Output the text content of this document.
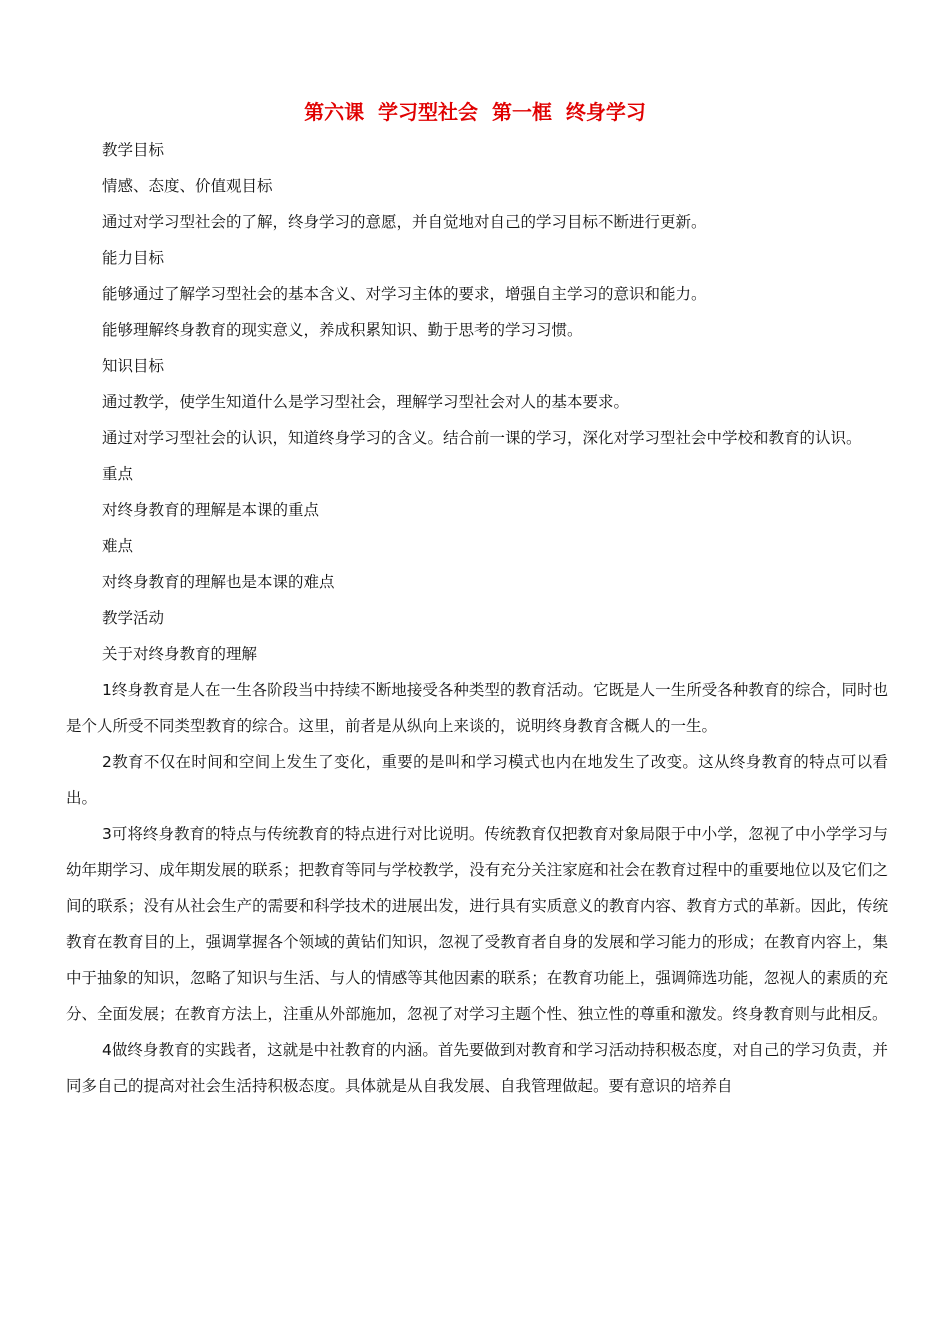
第六课  学习型社会  第一框  终身学习

教学目标

情感、态度、价值观目标

通过对学习型社会的了解，终身学习的意愿，并自觉地对自己的学习目标不断进行更新。

能力目标

能够通过了解学习型社会的基本含义、对学习主体的要求，增强自主学习的意识和能力。

能够理解终身教育的现实意义，养成积累知识、勤于思考的学习习惯。

知识目标

通过教学，使学生知道什么是学习型社会，理解学习型社会对人的基本要求。

通过对学习型社会的认识，知道终身学习的含义。结合前一课的学习，深化对学习型社会中学校和教育的认识。

重点

对终身教育的理解是本课的重点

难点

对终身教育的理解也是本课的难点

教学活动

关于对终身教育的理解

1终身教育是人在一生各阶段当中持续不断地接受各种类型的教育活动。它既是人一生所受各种教育的综合，同时也是个人所受不同类型教育的综合。这里，前者是从纵向上来谈的，说明终身教育含概人的一生。

2教育不仅在时间和空间上发生了变化，重要的是叫和学习模式也内在地发生了改变。这从终身教育的特点可以看出。

3可将终身教育的特点与传统教育的特点进行对比说明。传统教育仅把教育对象局限于中小学，忽视了中小学学习与幼年期学习、成年期发展的联系；把教育等同与学校教学，没有充分关注家庭和社会在教育过程中的重要地位以及它们之间的联系；没有从社会生产的需要和科学技术的进展出发，进行具有实质意义的教育内容、教育方式的革新。因此，传统教育在教育目的上，强调掌握各个领域的黄钻们知识，忽视了受教育者自身的发展和学习能力的形成；在教育内容上，集中于抽象的知识，忽略了知识与生活、与人的情感等其他因素的联系；在教育功能上，强调筛选功能，忽视人的素质的充分、全面发展；在教育方法上，注重从外部施加，忽视了对学习主题个性、独立性的尊重和激发。终身教育则与此相反。

4做终身教育的实践者，这就是中社教育的内涵。首先要做到对教育和学习活动持积极态度，对自己的学习负责，并同多自己的提高对社会生活持积极态度。具体就是从自我发展、自我管理做起。要有意识的培养自
